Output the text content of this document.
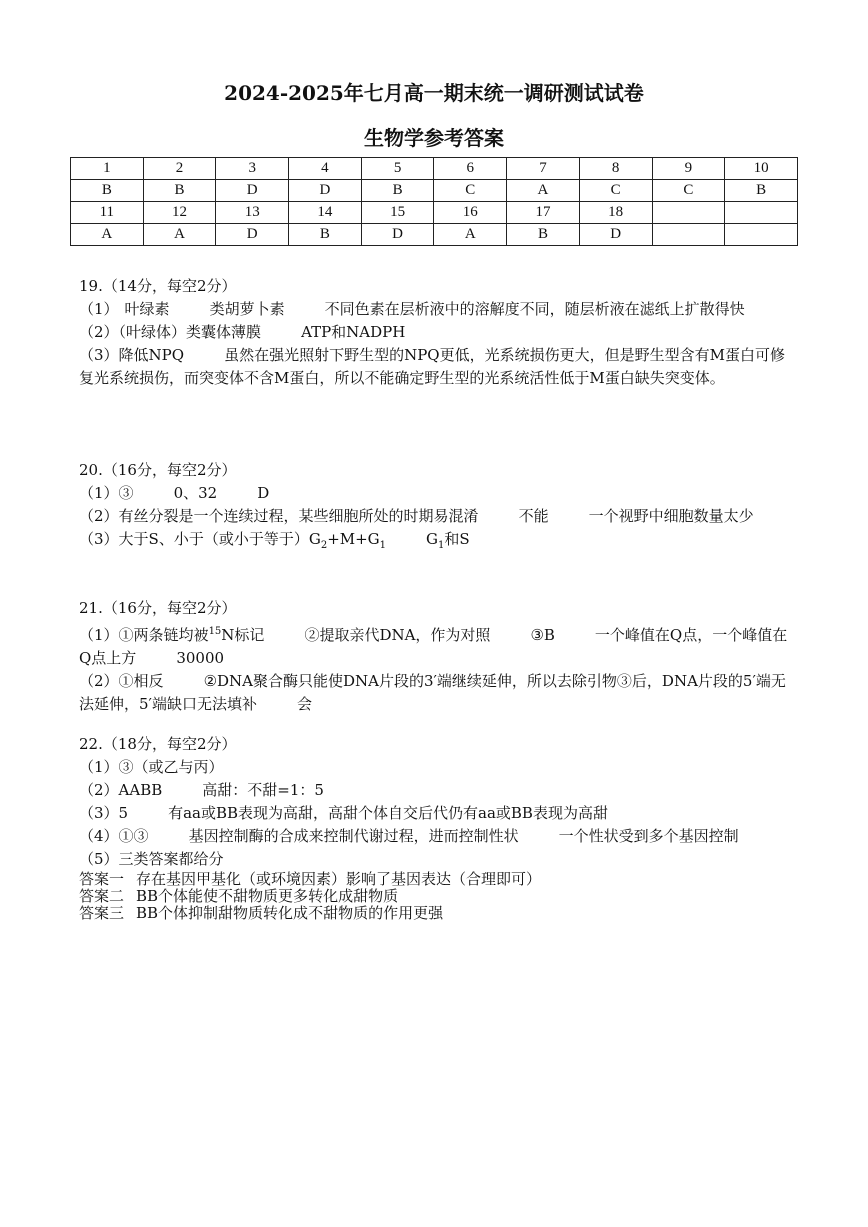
2024-2025年七月高一期末统一调研测试试卷
生物学参考答案
1	2	3	4	5	6	7	8	9	10
B	B	D	D	B	C	A	C	C	B
11	12	13	14	15	16	17	18		
A	A	D	B	D	A	B	D		
19.（14分，每空2分）
（1） 叶绿素	类胡萝卜素	不同色素在层析液中的溶解度不同，随层析液在滤纸上扩散得快
（2）（叶绿体）类囊体薄膜	ATP和NADPH
（3）降低NPQ	虽然在强光照射下野生型的NPQ更低，光系统损伤更大，但是野生型含有M蛋白可修复光系统损伤，而突变体不含M蛋白，所以不能确定野生型的光系统活性低于M蛋白缺失突变体。
20.（16分，每空2分）
（1）③	0、32	D
（2）有丝分裂是一个连续过程，某些细胞所处的时期易混淆	不能	一个视野中细胞数量太少
（3）大于S、小于（或小于等于）$G_2+M+G_1$	$G_1$和S
21.（16分，每空2分）
（1）①两条链均被$^{15}$N标记	②提取亲代DNA，作为对照	③B	一个峰值在Q点，一个峰值在Q点上方	30000
（2）①相反	②DNA聚合酶只能使DNA片段的3′端继续延伸，所以去除引物③后，DNA片段的5′端无法延伸，5′端缺口无法填补	会
22.（18分，每空2分）
（1）③（或乙与丙）
（2）AABB	高甜：不甜=1：5
（3）5	有aa或BB表现为高甜，高甜个体自交后代仍有aa或BB表现为高甜
（4）①③	基因控制酶的合成来控制代谢过程，进而控制性状	一个性状受到多个基因控制
（5）三类答案都给分
答案一 存在基因甲基化（或环境因素）影响了基因表达（合理即可）
答案二 BB个体能使不甜物质更多转化成甜物质
答案三 BB个体抑制甜物质转化成不甜物质的作用更强
